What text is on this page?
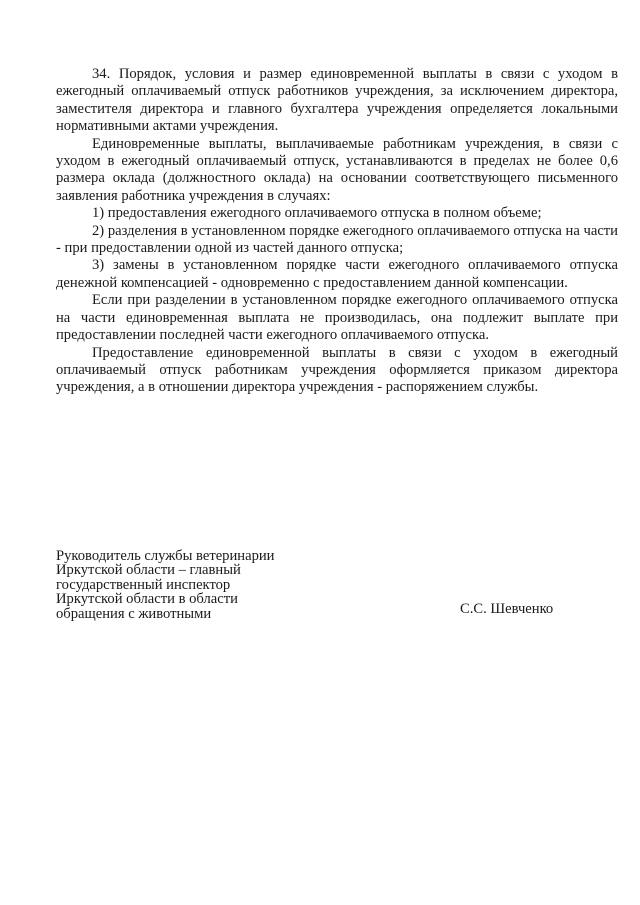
34. Порядок, условия и размер единовременной выплаты в связи с уходом в ежегодный оплачиваемый отпуск работников учреждения, за исключением директора, заместителя директора и главного бухгалтера учреждения определяется локальными нормативными актами учреждения.

Единовременные выплаты, выплачиваемые работникам учреждения, в связи с уходом в ежегодный оплачиваемый отпуск, устанавливаются в пределах не более 0,6 размера оклада (должностного оклада) на основании соответствующего письменного заявления работника учреждения в случаях:

1) предоставления ежегодного оплачиваемого отпуска в полном объеме;

2) разделения в установленном порядке ежегодного оплачиваемого отпуска на части - при предоставлении одной из частей данного отпуска;

3) замены в установленном порядке части ежегодного оплачиваемого отпуска денежной компенсацией - одновременно с предоставлением данной компенсации.

Если при разделении в установленном порядке ежегодного оплачиваемого отпуска на части единовременная выплата не производилась, она подлежит выплате при предоставлении последней части ежегодного оплачиваемого отпуска.

Предоставление единовременной выплаты в связи с уходом в ежегодный оплачиваемый отпуск работникам учреждения оформляется приказом директора учреждения, а в отношении директора учреждения - распоряжением службы.

Руководитель службы ветеринарии
Иркутской области – главный
государственный инспектор
Иркутской области в области
обращения с животными	С.С. Шевченко
